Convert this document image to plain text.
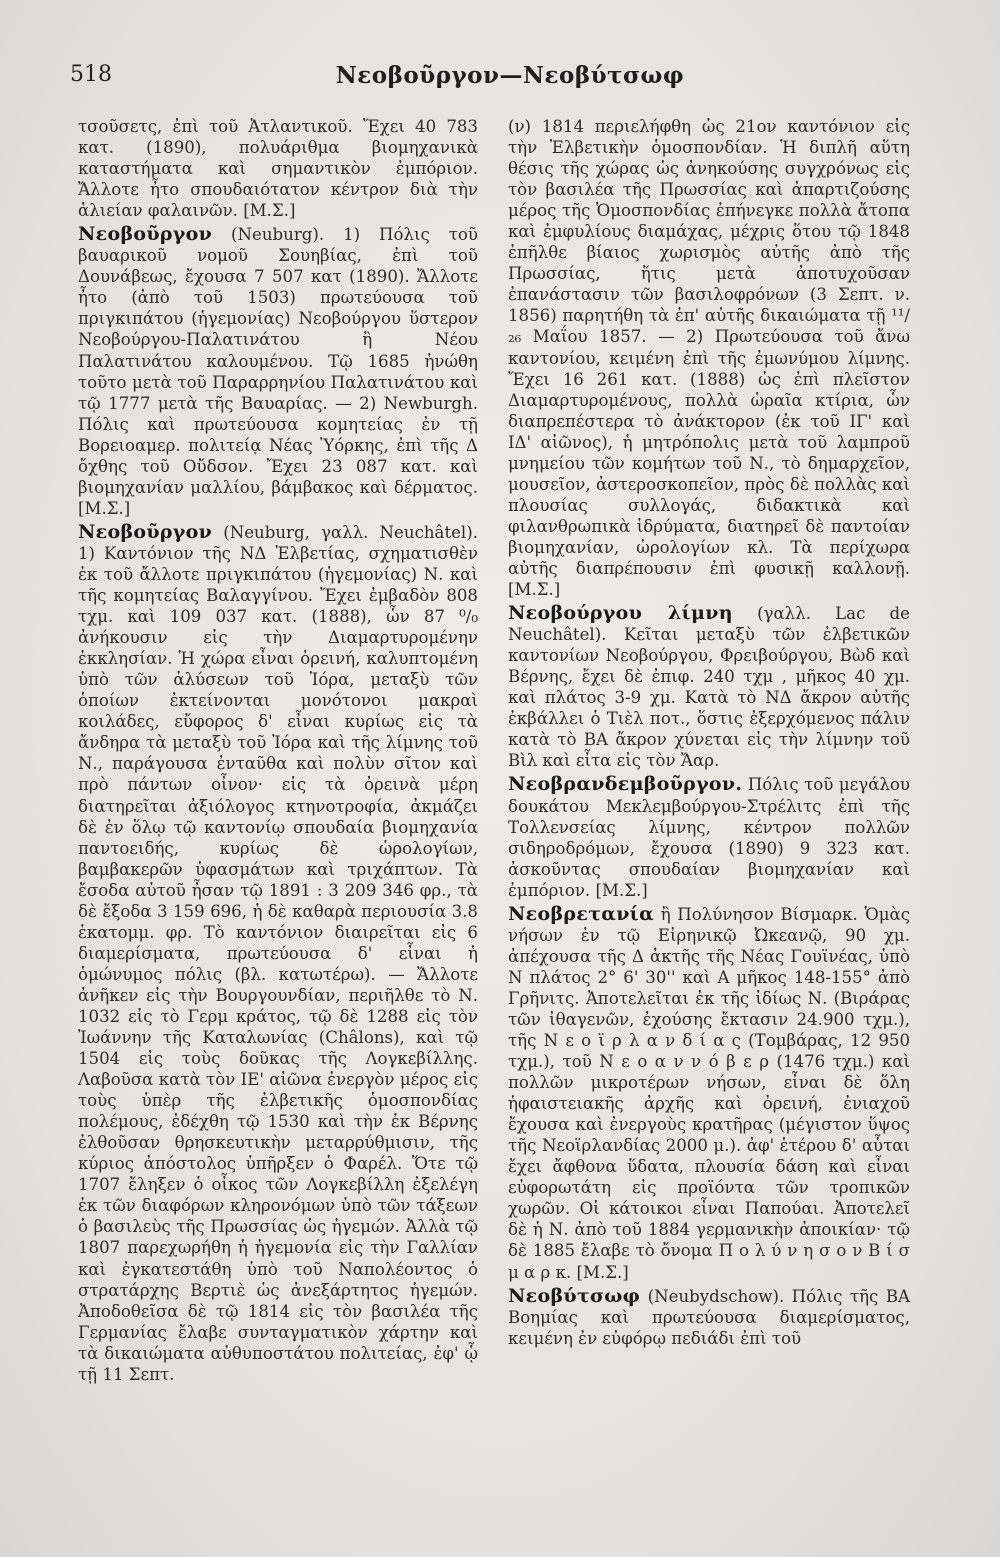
518	Νεοβοῦργον—Νεοβύτσωφ

τσοῦσετς, ἐπὶ τοῦ Ἀτλαντικοῦ. Ἔχει 40 783 κατ. (1890), πολυάριθμα βιομηχανικὰ καταστήματα καὶ σημαντικὸν ἐμπόριον. Ἄλλοτε ἦτο σπουδαιότατον κέντρον διὰ τὴν ἁλιείαν φαλαινῶν. [Μ.Σ.]

Νεοβοῦργον (Neuburg). 1) Πόλις τοῦ βαυαρικοῦ νομοῦ Σουηβίας, ἐπὶ τοῦ Δουνάβεως, ἔχουσα 7 507 κατ (1890). Ἄλλοτε ἦτο (ἀπὸ τοῦ 1503) πρωτεύουσα τοῦ πριγκιπάτου (ἡγεμονίας) Νεοβούργου ὕστερον Νεοβούργου-Παλατινάτου ἢ Νέου Παλατινάτου καλουμένου. Τῷ 1685 ἡνώθη τοῦτο μετὰ τοῦ Παραρρηνίου Παλατινάτου καὶ τῷ 1777 μετὰ τῆς Βαυαρίας. — 2) Newburgh. Πόλις καὶ πρωτεύουσα κομητείας ἐν τῇ Βορειοαμερ. πολιτείᾳ Νέας Ὑόρκης, ἐπὶ τῆς Δ ὄχθης τοῦ Οὔδσον. Ἔχει 23 087 κατ. καὶ βιομηχανίαν μαλλίου, βάμβακος καὶ δέρματος. [Μ.Σ.]

Νεοβοῦργον (Neuburg, γαλλ. Neuchâtel). 1) Καντόνιον τῆς ΝΔ Ἐλβετίας, σχηματισθὲν ἐκ τοῦ ἄλλοτε πριγκιπάτου (ἡγεμονίας) Ν. καὶ τῆς κομητείας Βαλαγγίνου. Ἔχει ἐμβαδὸν 808 τχμ. καὶ 109 037 κατ. (1888), ὧν 87 ⁰/₀ ἀνήκουσιν εἰς τὴν Διαμαρτυρομένην ἐκκλησίαν. Ἡ χώρα εἶναι ὀρεινή, καλυπτομένη ὑπὸ τῶν ἀλύσεων τοῦ Ἰόρα, μεταξὺ τῶν ὁποίων ἐκτείνονται μονότονοι μακραὶ κοιλάδες, εὔφορος δ' εἶναι κυρίως εἰς τὰ ἄνδηρα τὰ μεταξὺ τοῦ Ἰόρα καὶ τῆς λίμνης τοῦ Ν., παράγουσα ἐνταῦθα καὶ πολὺν σῖτον καὶ πρὸ πάντων οἶνον· εἰς τὰ ὀρεινὰ μέρη διατηρεῖται ἀξιόλογος κτηνοτροφία, ἀκμάζει δὲ ἐν ὅλῳ τῷ καντονίῳ σπουδαία βιομηχανία παντοειδής, κυρίως δὲ ὡρολογίων, βαμβακερῶν ὑφασμάτων καὶ τριχάπτων. Τὰ ἔσοδα αὐτοῦ ἦσαν τῷ 1891 : 3 209 346 φρ., τὰ δὲ ἔξοδα 3 159 696, ἡ δὲ καθαρὰ περιουσία 3.8 ἑκατομμ. φρ. Τὸ καντόνιον διαιρεῖται εἰς 6 διαμερίσματα, πρωτεύουσα δ' εἶναι ἡ ὁμώνυμος πόλις (βλ. κατωτέρω). — Ἄλλοτε ἀνῆκεν εἰς τὴν Βουργουνδίαν, περιῆλθε τὸ Ν. 1032 εἰς τὸ Γερμ κράτος, τῷ δὲ 1288 εἰς τὸν Ἰωάννην τῆς Καταλωνίας (Châlons), καὶ τῷ 1504 εἰς τοὺς δοῦκας τῆς Λογκεβίλλης. Λαβοῦσα κατὰ τὸν ΙΕ' αἰῶνα ἐνεργὸν μέρος εἰς τοὺς ὑπὲρ τῆς ἐλβετικῆς ὁμοσπονδίας πολέμους, ἐδέχθη τῷ 1530 καὶ τὴν ἐκ Βέρνης ἐλθοῦσαν θρησκευτικὴν μεταρρύθμισιν, τῆς κύριος ἀπόστολος ὑπῆρξεν ὁ Φαρέλ. Ὅτε τῷ 1707 ἔληξεν ὁ οἶκος τῶν Λογκεβίλλη ἐξελέγη ἐκ τῶν διαφόρων κληρονόμων ὑπὸ τῶν τάξεων ὁ βασιλεὺς τῆς Πρωσσίας ὡς ἡγεμών. Ἀλλὰ τῷ 1807 παρεχωρήθη ἡ ἡγεμονία εἰς τὴν Γαλλίαν καὶ ἐγκατεστάθη ὑπὸ τοῦ Ναπολέοντος ὁ στρατάρχης Βερτιὲ ὡς ἀνεξάρτητος ἡγεμών. Ἀποδοθεῖσα δὲ τῷ 1814 εἰς τὸν βασιλέα τῆς Γερμανίας ἔλαβε συνταγματικὸν χάρτην καὶ τὰ δικαιώματα αὐθυποστάτου πολιτείας, ἐφ' ᾧ τῇ 11 Σεπτ.

(ν) 1814 περιελήφθη ὡς 21ον καντόνιον εἰς τὴν Ἐλβετικὴν ὁμοσπονδίαν. Ἡ διπλῆ αὕτη θέσις τῆς χώρας ὡς ἀνηκούσης συγχρόνως εἰς τὸν βασιλέα τῆς Πρωσσίας καὶ ἀπαρτιζούσης μέρος τῆς Ὁμοσπονδίας ἐπήνεγκε πολλὰ ἄτοπα καὶ ἐμφυλίους διαμάχας, μέχρις ὅτου τῷ 1848 ἐπῆλθε βίαιος χωρισμὸς αὐτῆς ἀπὸ τῆς Πρωσσίας, ἥτις μετὰ ἀποτυχοῦσαν ἐπανάστασιν τῶν βασιλοφρόνων (3 Σεπτ. ν. 1856) παρητήθη τὰ ἐπ' αὐτῆς δικαιώματα τῇ ¹¹/₂₆ Μαΐου 1857. — 2) Πρωτεύουσα τοῦ ἄνω καντονίου, κειμένη ἐπὶ τῆς ἐμωνύμου λίμνης. Ἔχει 16 261 κατ. (1888) ὡς ἐπὶ πλεῖστον Διαμαρτυρομένους, πολλὰ ὡραῖα κτίρια, ὧν διαπρεπέστερα τὸ ἀνάκτορον (ἐκ τοῦ ΙΓ' καὶ ΙΔ' αἰῶνος), ἡ μητρόπολις μετὰ τοῦ λαμπροῦ μνημείου τῶν κομήτων τοῦ Ν., τὸ δημαρχεῖον, μουσεῖον, ἀστεροσκοπεῖον, πρὸς δὲ πολλὰς καὶ πλουσίας συλλογάς, διδακτικὰ καὶ φιλανθρωπικὰ ἱδρύματα, διατηρεῖ δὲ παντοίαν βιομηχανίαν, ὡρολογίων κλ. Τὰ περίχωρα αὐτῆς διαπρέπουσιν ἐπὶ φυσικῇ καλλονῇ. [Μ.Σ.]

Νεοβούργου λίμνη (γαλλ. Lac de Neuchâtel). Κεῖται μεταξὺ τῶν ἐλβετικῶν καντονίων Νεοβούργου, Φρειβούργου, Βὼδ καὶ Βέρνης, ἔχει δὲ ἐπιφ. 240 τχμ , μῆκος 40 χμ. καὶ πλάτος 3-9 χμ. Κατὰ τὸ ΝΔ ἄκρον αὐτῆς ἐκβάλλει ὁ Τιὲλ ποτ., ὅστις ἐξερχόμενος πάλιν κατὰ τὸ ΒΑ ἄκρον χύνεται εἰς τὴν λίμνην τοῦ Βὶλ καὶ εἶτα εἰς τὸν Ἄαρ.

Νεοβρανδεμβοῦργον. Πόλις τοῦ μεγάλου δουκάτου Μεκλεμβούργου-Στρέλιτς ἐπὶ τῆς Τολλενσείας λίμνης, κέντρον πολλῶν σιδηροδρόμων, ἔχουσα (1890) 9 323 κατ. ἀσκοῦντας σπουδαίαν βιομηχανίαν καὶ ἐμπόριον. [Μ.Σ.]

Νεοβρετανία ἢ Πολύνησον Βίσμαρκ. Ὁμὰς νήσων ἐν τῷ Εἰρηνικῷ Ὠκεανῷ, 90 χμ. ἀπέχουσα τῆς Δ ἀκτῆς τῆς Νέας Γουϊνέας, ὑπὸ Ν πλάτος 2° 6' 30'' καὶ Α μῆκος 148-155° ἀπὸ Γρῆνιτς. Ἀποτελεῖται ἐκ τῆς ἰδίως Ν. (Βιράρας τῶν ἰθαγενῶν, ἐχούσης ἔκτασιν 24.900 τχμ.), τῆς Ν ε ο ϊ ρ λ α ν δ ί α ς (Τομβάρας, 12 950 τχμ.), τοῦ Ν ε ο α ν ν ό β ε ρ (1476 τχμ.) καὶ πολλῶν μικροτέρων νήσων, εἶναι δὲ ὅλη ἡφαιστειακῆς ἀρχῆς καὶ ὀρεινή, ἐνιαχοῦ ἔχουσα καὶ ἐνεργοὺς κρατῆρας (μέγιστον ὕψος τῆς Νεοϊρλανδίας 2000 μ.). ἀφ' ἑτέρου δ' αὗται ἔχει ἄφθονα ὕδατα, πλουσία δάση καὶ εἶναι εὐφορωτάτη εἰς προϊόντα τῶν τροπικῶν χωρῶν. Οἱ κάτοικοι εἶναι Παπούαι. Ἀποτελεῖ δὲ ἡ Ν. ἀπὸ τοῦ 1884 γερμανικὴν ἀποικίαν· τῷ δὲ 1885 ἔλαβε τὸ ὄνομα Π ο λ ύ ν η σ ο ν Β ί σ μ α ρ κ. [Μ.Σ.]

Νεοβύτσωφ (Neubydschow). Πόλις τῆς ΒΑ Βοημίας καὶ πρωτεύουσα διαμερίσματος, κειμένη ἐν εὐφόρῳ πεδιάδι ἐπὶ τοῦ
